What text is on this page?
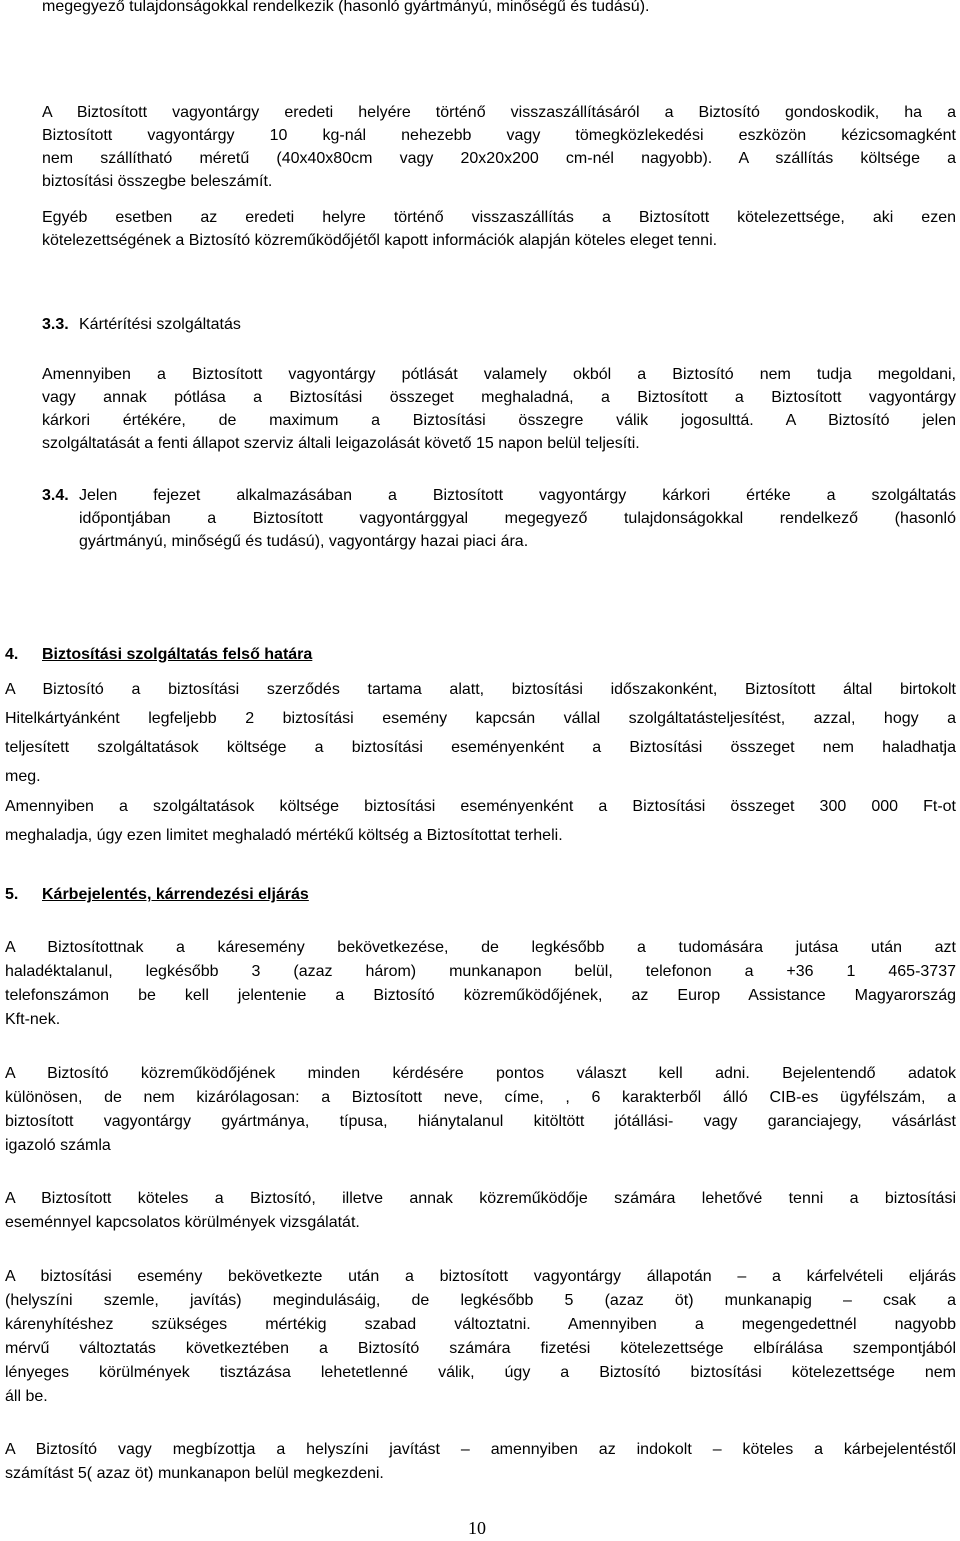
megegyező tulajdonságokkal rendelkezik (hasonló gyártmányú, minőségű és tudású).
A Biztosított vagyontárgy eredeti helyére történő visszaszállításáról a Biztosító gondoskodik, ha a
Biztosított vagyontárgy 10 kg-nál nehezebb vagy tömegközlekedési eszközön kézicsomagként
nem szállítható méretű (40x40x80cm vagy 20x20x200 cm-nél nagyobb). A szállítás költsége a
biztosítási összegbe beleszámít.
Egyéb esetben az eredeti helyre történő visszaszállítás a Biztosított kötelezettsége, aki ezen
kötelezettségének a Biztosító közreműködőjétől kapott információk alapján köteles eleget tenni.
3.3. Kártérítési szolgáltatás
Amennyiben a Biztosított vagyontárgy pótlását valamely okból a Biztosító nem tudja megoldani,
vagy annak pótlása a Biztosítási összeget meghaladná, a Biztosított a Biztosított vagyontárgy
kárkori értékére, de maximum a Biztosítási összegre válik jogosulttá. A Biztosító jelen
szolgáltatását a fenti állapot szerviz általi leigazolását követő 15 napon belül teljesíti.
3.4. Jelen fejezet alkalmazásában a Biztosított vagyontárgy kárkori értéke a szolgáltatás
időpontjában a Biztosított vagyontárggyal megegyező tulajdonságokkal rendelkező (hasonló
gyártmányú, minőségű és tudású), vagyontárgy hazai piaci ára.
4. Biztosítási szolgáltatás felső határa
A Biztosító a biztosítási szerződés tartama alatt, biztosítási időszakonként, Biztosított által birtokolt
Hitelkártyánként legfeljebb 2 biztosítási esemény kapcsán vállal szolgáltatásteljesítést, azzal, hogy a
teljesített szolgáltatások költsége a biztosítási eseményenként a Biztosítási összeget nem haladhatja
meg.
Amennyiben a szolgáltatások költsége biztosítási eseményenként a Biztosítási összeget 300 000 Ft-ot
meghaladja, úgy ezen limitet meghaladó mértékű költség a Biztosítottat terheli.
5. Kárbejelentés, kárrendezési eljárás
A Biztosítottnak a káresemény bekövetkezése, de legkésőbb a tudomására jutása után azt
haladéktalanul, legkésőbb 3 (azaz három) munkanapon belül, telefonon a +36 1 465-3737
telefonszámon be kell jelentenie a Biztosító közreműködőjének, az Europ Assistance Magyarország
Kft-nek.
A Biztosító közreműködőjének minden kérdésére pontos választ kell adni. Bejelentendő adatok
különösen, de nem kizárólagosan: a Biztosított neve, címe, , 6 karakterből álló CIB-es ügyfélszám, a
biztosított vagyontárgy gyártmánya, típusa, hiánytalanul kitöltött jótállási- vagy garanciajegy, vásárlást
igazoló számla
A Biztosított köteles a Biztosító, illetve annak közreműködője számára lehetővé tenni a biztosítási
eseménnyel kapcsolatos körülmények vizsgálatát.
A biztosítási esemény bekövetkezte után a biztosított vagyontárgy állapotán – a kárfelvételi eljárás
(helyszíni szemle, javítás) megindulásáig, de legkésőbb 5 (azaz öt) munkanapig – csak a
kárenyhítéshez szükséges mértékig szabad változtatni. Amennyiben a megengedettnél nagyobb
mérvű változtatás következtében a Biztosító számára fizetési kötelezettsége elbírálása szempontjából
lényeges körülmények tisztázása lehetetlenné válik, úgy a Biztosító biztosítási kötelezettsége nem
áll be.
A Biztosító vagy megbízottja a helyszíni javítást – amennyiben az indokolt – köteles a kárbejelentéstől
számítást 5( azaz öt) munkanapon belül megkezdeni.
10
